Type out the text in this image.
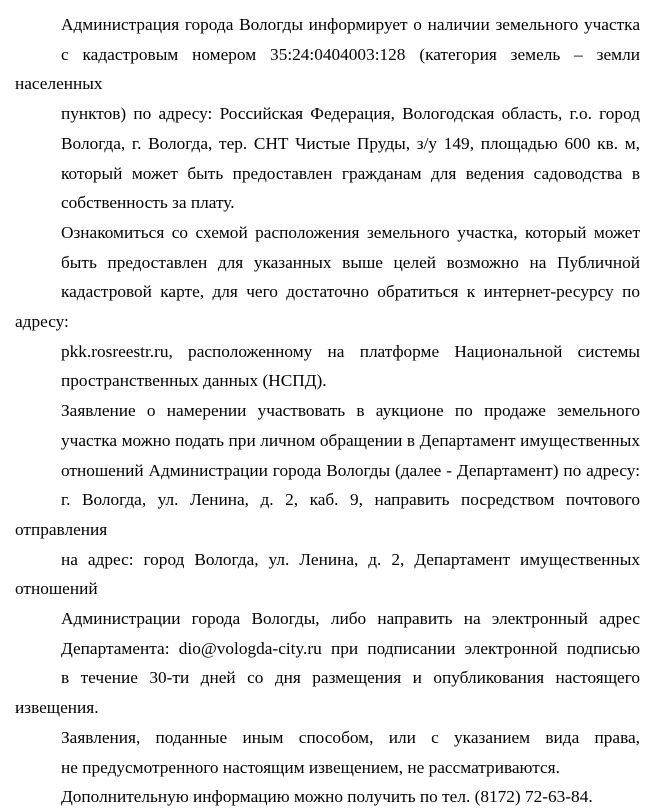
Администрация города Вологды информирует о наличии земельного участка
с кадастровым номером 35:24:0404003:128 (категория земель – земли населенных
пунктов) по адресу: Российская Федерация, Вологодская область, г.о. город
Вологда, г. Вологда, тер. СНТ Чистые Пруды, з/у 149, площадью 600 кв. м,
который может быть предоставлен гражданам для ведения садоводства в
собственность за плату.

Ознакомиться со схемой расположения земельного участка, который может
быть предоставлен для указанных выше целей возможно на Публичной
кадастровой карте, для чего достаточно обратиться к интернет-ресурсу по адресу:
pkk.rosreestr.ru, расположенному на платформе Национальной системы
пространственных данных (НСПД).

Заявление о намерении участвовать в аукционе по продаже земельного
участка можно подать при личном обращении в Департамент имущественных
отношений Администрации города Вологды (далее - Департамент) по адресу:
г. Вологда, ул. Ленина, д. 2, каб. 9, направить посредством почтового отправления
на адрес: город Вологда, ул. Ленина, д. 2, Департамент имущественных отношений
Администрации города Вологды, либо направить на электронный адрес
Департамента: dio@vologda-city.ru при подписании электронной подписью
в течение 30-ти дней со дня размещения и опубликования настоящего извещения.

Заявления, поданные иным способом, или с указанием вида права,
не предусмотренного настоящим извещением, не рассматриваются.

Дополнительную информацию можно получить по тел. (8172) 72-63-84.
